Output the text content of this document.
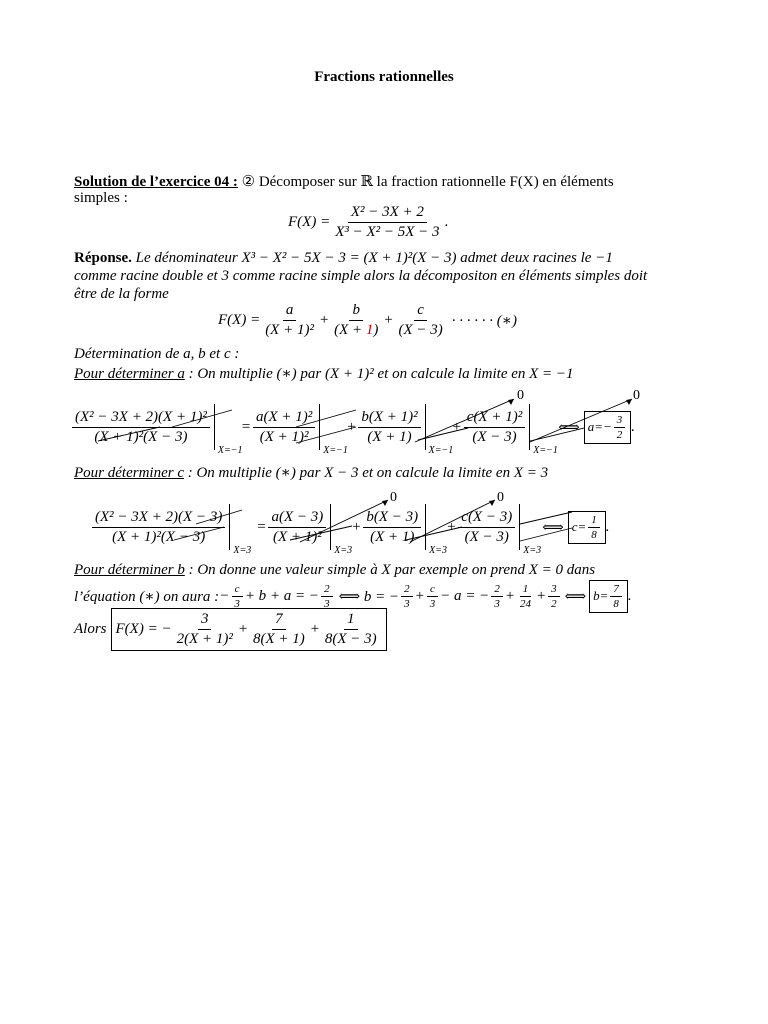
Fractions rationnelles
Solution de l’exercice 04 : ② Décomposer sur ℝ la fraction rationnelle F(X) en éléments
simples :
$F(X) = \frac{\text{X² − 3X + 2}}{\text{X³ − X² − 5X − 3}}$ .
Réponse. Le dénominateur X³ − X² − 5X − 3 = (X + 1)²(X − 3) admet deux racines le −1
comme racine double et 3 comme racine simple alors la décompositon en éléments simples doit
être de la forme
$F(X) = \frac{a}{\text{(X + 1)²}} + \frac{b}{(X + 1)} + \frac{c}{(X - 3)}$ · · · · · · (∗)
Détermination de a, b et c :
Pour déterminer a : On multiplie (∗) par (X + 1)² et on calcule la limite en X = −1
$\frac{\text{(X² − 3X + 2)(X + 1)²}}{\text{(X + 1)²(X − 3)}}$
X=−1
= $\frac{\text{a(X + 1)²}}{\text{(X + 1)²}}$
X=−1
+ $\frac{\text{b(X + 1)²}}{(X + 1)}$
X=−1
+ $\frac{\text{c(X + 1)²}}{(X - 3)}$
X=−1
⟺ $a=- \frac{3}{2}$ .
Pour déterminer c : On multiplie (∗) par X − 3 et on calcule la limite en X = 3
$\frac{\text{(X² − 3X + 2)(X − 3)}}{\text{(X + 1)²(X − 3)}}$
X=3
= $\frac{a(X - 3)}{\text{(X + 1)²}}$
X=3
+ $\frac{b(X - 3)}{(X + 1)}$
X=3
+ $\frac{c(X - 3)}{(X - 3)}$
X=3
⟺ $c= \frac{1}{8}$ .
Pour déterminer b : On donne une valeur simple à X par exemple on prend X = 0 dans
l’équation (∗) on aura : − $\frac{c}{3} + b + a$ = − $\frac{2}{3}$ ⟺ b = − $\frac{2}{3} + \frac{c}{3} - a$ = − $\frac{2}{3} + \frac{1}{24} + \frac{3}{2}$ ⟺ $b= \frac{7}{8}$ .
Alors F(X) = − $\frac{3}{\text{2(X + 1)²}} + \frac{7}{8(X + 1)} + \frac{1}{8(X - 3)}$
0	0
0	0
